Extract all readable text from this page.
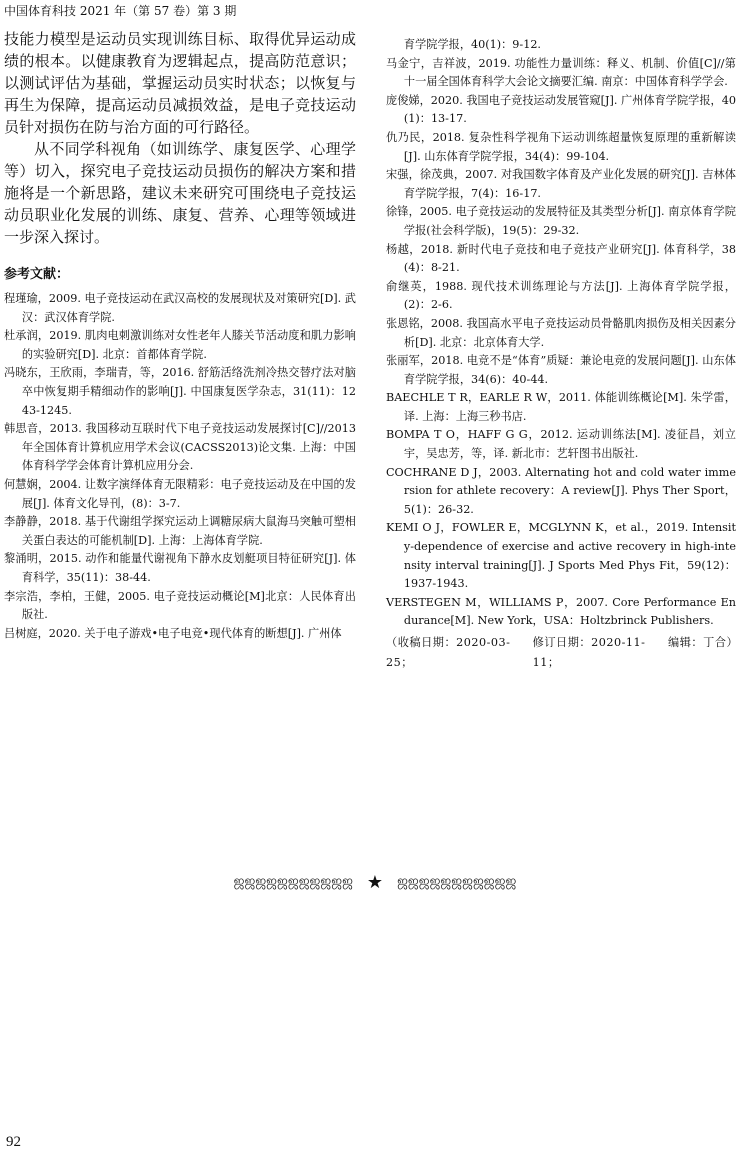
中国体育科技 2021 年（第 57 卷）第 3 期

技能力模型是运动员实现训练目标、取得优异运动成绩的根本。以健康教育为逻辑起点，提高防范意识；以测试评估为基础，掌握运动员实时状态；以恢复与再生为保障，提高运动员减损效益，是电子竞技运动员针对损伤在防与治方面的可行路径。

从不同学科视角（如训练学、康复医学、心理学等）切入，探究电子竞技运动员损伤的解决方案和措施将是一个新思路，建议未来研究可围绕电子竞技运动员职业化发展的训练、康复、营养、心理等领域进一步深入探讨。

参考文献：

程瑾瑜，2009. 电子竞技运动在武汉高校的发展现状及对策研究[D]. 武汉：武汉体育学院.

杜承润，2019. 肌肉电刺激训练对女性老年人膝关节活动度和肌力影响的实验研究[D]. 北京：首都体育学院.

冯晓东，王欣雨，李瑞青，等，2016. 舒筋活络洗剂冷热交替疗法对脑卒中恢复期手精细动作的影响[J]. 中国康复医学杂志，31(11)：1243-1245.

韩思音，2013. 我国移动互联时代下电子竞技运动发展探讨[C]//2013 年全国体育计算机应用学术会议(CACSS2013)论文集. 上海：中国体育科学学会体育计算机应用分会.

何慧娴，2004. 让数字演绎体育无限精彩：电子竞技运动及在中国的发展[J]. 体育文化导刊，(8)：3-7.

李静静，2018. 基于代谢组学探究运动上调糖尿病大鼠海马突触可塑相关蛋白表达的可能机制[D]. 上海：上海体育学院.

黎涌明，2015. 动作和能量代谢视角下静水皮划艇项目特征研究[J]. 体育科学，35(11)：38-44.

李宗浩，李柏，王健，2005. 电子竞技运动概论[M]北京：人民体育出版社.

吕树庭，2020. 关于电子游戏•电子电竞•现代体育的断想[J]. 广州体

育学院学报，40(1)：9-12.

马金宁，吉祥波，2019. 功能性力量训练：释义、机制、价值[C]//第十一届全国体育科学大会论文摘要汇编. 南京：中国体育科学学会.

庞俊娣，2020. 我国电子竞技运动发展管窥[J]. 广州体育学院学报，40(1)：13-17.

仇乃民，2018. 复杂性科学视角下运动训练超量恢复原理的重新解读[J]. 山东体育学院学报，34(4)：99-104.

宋强，徐茂典，2007. 对我国数字体育及产业化发展的研究[J]. 吉林体育学院学报，7(4)：16-17.

徐锋，2005. 电子竞技运动的发展特征及其类型分析[J]. 南京体育学院学报(社会科学版)，19(5)：29-32.

杨越，2018. 新时代电子竞技和电子竞技产业研究[J]. 体育科学，38(4)：8-21.

俞继英，1988. 现代技术训练理论与方法[J]. 上海体育学院学报，(2)：2-6.

张恩铭，2008. 我国高水平电子竞技运动员骨骼肌肉损伤及相关因素分析[D]. 北京：北京体育大学.

张丽军，2018. 电竞不是“体育”质疑：兼论电竞的发展问题[J]. 山东体育学院学报，34(6)：40-44.

BAECHLE T R，EARLE R W，2011. 体能训练概论[M]. 朱学雷，译. 上海：上海三秒书店.

BOMPA T O，HAFF G G，2012. 运动训练法[M]. 凌征昌，刘立宇，吴忠芳，等，译. 新北市：艺轩图书出版社.

COCHRANE D J，2003. Alternating hot and cold water immersion for athlete recovery：A review[J]. Phys Ther Sport，5(1)：26-32.

KEMI O J，FOWLER E，MCGLYNN K，et al.，2019. Intensity-dependence of exercise and active recovery in high-intensity interval training[J]. J Sports Med Phys Fit，59(12)：1937-1943.

VERSTEGEN M，WILLIAMS P，2007. Core Performance Endurance[M]. New York，USA：Holtzbrinck Publishers.

（收稿日期：2020-03-25；
修订日期：2020-11-11；
编辑：丁合）
ஜஜஜஜஜஜஜஜஜஜஜ ★ ஜஜஜஜஜஜஜஜஜஜஜ
92
